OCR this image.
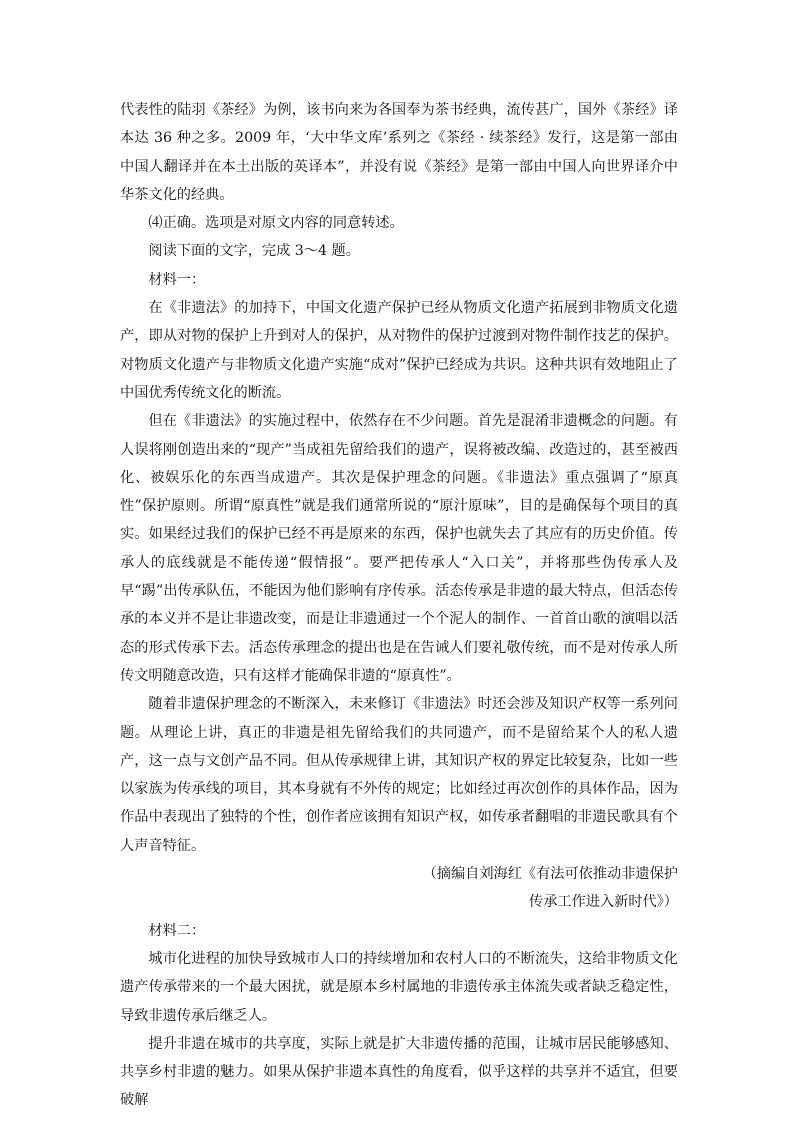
代表性的陆羽《茶经》为例，该书向来为各国奉为茶书经典，流传甚广，国外《茶经》译本达 36 种之多。2009 年，‘大中华文库’系列之《茶经 · 续茶经》发行，这是第一部由中国人翻译并在本土出版的英译本”，并没有说《茶经》是第一部由中国人向世界译介中华茶文化的经典。

⑷正确。选项是对原文内容的同意转述。

阅读下面的文字，完成 3～4 题。

材料一：

在《非遗法》的加持下，中国文化遗产保护已经从物质文化遗产拓展到非物质文化遗产，即从对物的保护上升到对人的保护，从对物件的保护过渡到对物件制作技艺的保护。对物质文化遗产与非物质文化遗产实施“成对”保护已经成为共识。这种共识有效地阻止了中国优秀传统文化的断流。

但在《非遗法》的实施过程中，依然存在不少问题。首先是混淆非遗概念的问题。有人误将刚创造出来的“现产”当成祖先留给我们的遗产，误将被改编、改造过的，甚至被西化、被娱乐化的东西当成遗产。其次是保护理念的问题。《非遗法》重点强调了“原真性”保护原则。所谓“原真性”就是我们通常所说的“原汁原味”，目的是确保每个项目的真实。如果经过我们的保护已经不再是原来的东西，保护也就失去了其应有的历史价值。传承人的底线就是不能传递“假情报”。要严把传承人“入口关”，并将那些伪传承人及早“踢”出传承队伍，不能因为他们影响有序传承。活态传承是非遗的最大特点，但活态传承的本义并不是让非遗改变，而是让非遗通过一个个泥人的制作、一首首山歌的演唱以活态的形式传承下去。活态传承理念的提出也是在告诫人们要礼敬传统，而不是对传承人所传文明随意改造，只有这样才能确保非遗的“原真性”。

随着非遗保护理念的不断深入，未来修订《非遗法》时还会涉及知识产权等一系列问题。从理论上讲，真正的非遗是祖先留给我们的共同遗产，而不是留给某个人的私人遗产，这一点与文创产品不同。但从传承规律上讲，其知识产权的界定比较复杂，比如一些以家族为传承线的项目，其本身就有不外传的规定；比如经过再次创作的具体作品，因为作品中表现出了独特的个性，创作者应该拥有知识产权，如传承者翻唱的非遗民歌具有个人声音特征。

（摘编自刘海红《有法可依推动非遗保护

传承工作进入新时代》）

材料二：

城市化进程的加快导致城市人口的持续增加和农村人口的不断流失，这给非物质文化遗产传承带来的一个最大困扰，就是原本乡村属地的非遗传承主体流失或者缺乏稳定性，导致非遗传承后继乏人。

提升非遗在城市的共享度，实际上就是扩大非遗传播的范围，让城市居民能够感知、共享乡村非遗的魅力。如果从保护非遗本真性的角度看，似乎这样的共享并不适宜，但要破解
